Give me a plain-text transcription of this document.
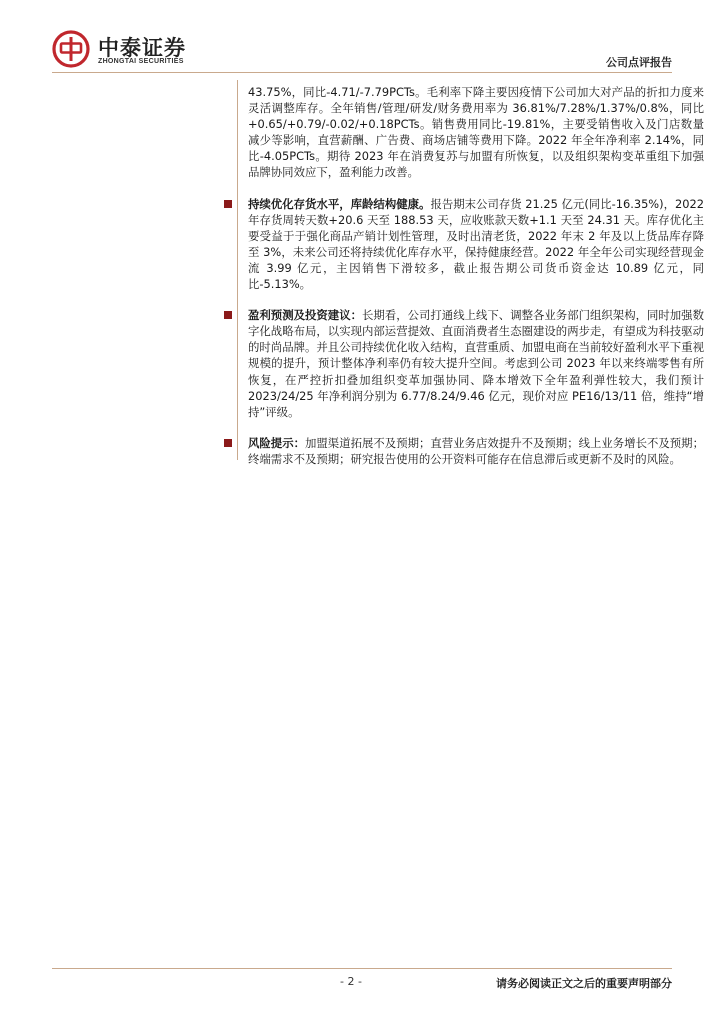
中泰证券
ZHONGTAI SECURITIES	公司点评报告

43.75%，同比-4.71/-7.79PCTs。毛利率下降主要因疫情下公司加大对产品的折扣力度来灵活调整库存。全年销售/管理/研发/财务费用率为 36.81%/7.28%/1.37%/0.8%，同比+0.65/+0.79/-0.02/+0.18PCTs。销售费用同比-19.81%，主要受销售收入及门店数量减少等影响，直营薪酬、广告费、商场店铺等费用下降。2022 年全年净利率 2.14%，同比-4.05PCTs。期待 2023 年在消费复苏与加盟有所恢复，以及组织架构变革重组下加强品牌协同效应下，盈利能力改善。

持续优化存货水平，库龄结构健康。报告期末公司存货 21.25 亿元(同比-16.35%)，2022 年存货周转天数+20.6 天至 188.53 天，应收账款天数+1.1 天至 24.31 天。库存优化主要受益于于强化商品产销计划性管理，及时出清老货，2022 年末 2 年及以上货品库存降至 3%，未来公司还将持续优化库存水平，保持健康经营。2022 年全年公司实现经营现金流 3.99 亿元，主因销售下滑较多，截止报告期公司货币资金达 10.89 亿元，同比-5.13%。

盈利预测及投资建议：长期看，公司打通线上线下、调整各业务部门组织架构，同时加强数字化战略布局，以实现内部运营提效、直面消费者生态圈建设的两步走，有望成为科技驱动的时尚品牌。并且公司持续优化收入结构，直营重质、加盟电商在当前较好盈利水平下重视规模的提升，预计整体净利率仍有较大提升空间。考虑到公司 2023 年以来终端零售有所恢复，在严控折扣叠加组织变革加强协同、降本增效下全年盈利弹性较大，我们预计 2023/24/25 年净利润分别为 6.77/8.24/9.46 亿元，现价对应 PE16/13/11 倍，维持“增持”评级。

风险提示：加盟渠道拓展不及预期；直营业务店效提升不及预期；线上业务增长不及预期；终端需求不及预期；研究报告使用的公开资料可能存在信息滞后或更新不及时的风险。

- 2 -	请务必阅读正文之后的重要声明部分
